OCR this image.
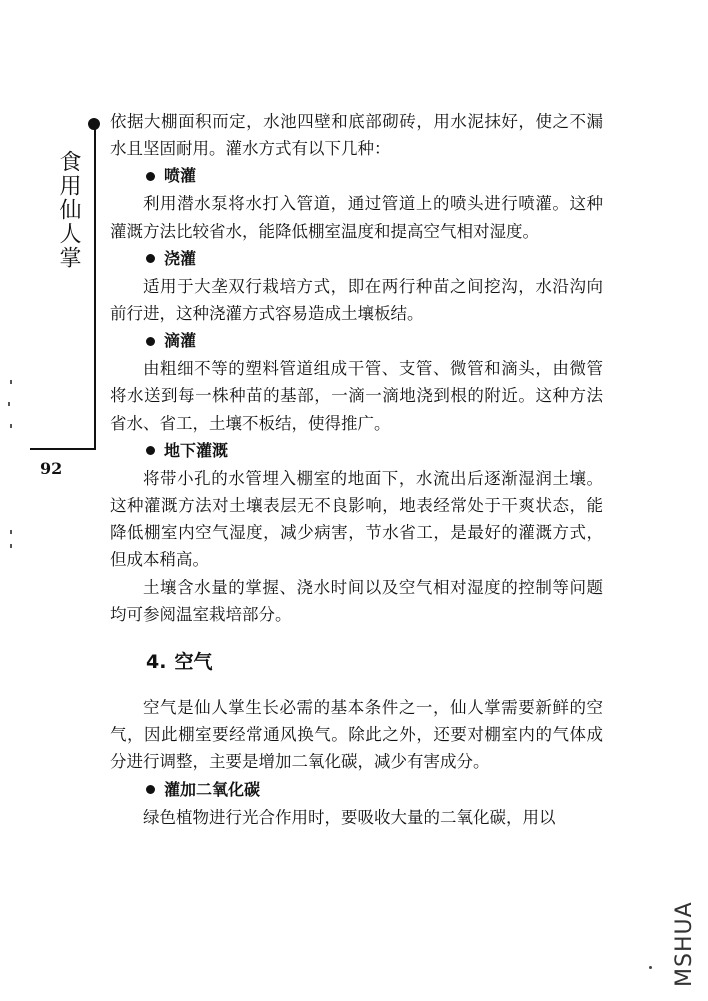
食用仙人掌
92

依据大棚面积而定，水池四壁和底部砌砖，用水泥抹好，使之不漏水且坚固耐用。灌水方式有以下几种：

喷灌

利用潜水泵将水打入管道，通过管道上的喷头进行喷灌。这种灌溉方法比较省水，能降低棚室温度和提高空气相对湿度。

浇灌

适用于大垄双行栽培方式，即在两行种苗之间挖沟，水沿沟向前行进，这种浇灌方式容易造成土壤板结。

滴灌

由粗细不等的塑料管道组成干管、支管、微管和滴头，由微管将水送到每一株种苗的基部，一滴一滴地浇到根的附近。这种方法省水、省工，土壤不板结，使得推广。

地下灌溉

将带小孔的水管埋入棚室的地面下，水流出后逐渐湿润土壤。这种灌溉方法对土壤表层无不良影响，地表经常处于干爽状态，能降低棚室内空气湿度，减少病害，节水省工，是最好的灌溉方式，但成本稍高。

土壤含水量的掌握、浇水时间以及空气相对湿度的控制等问题均可参阅温室栽培部分。

4. 空气

空气是仙人掌生长必需的基本条件之一，仙人掌需要新鲜的空气，因此棚室要经常通风换气。除此之外，还要对棚室内的气体成分进行调整，主要是增加二氧化碳，减少有害成分。

灌加二氧化碳

绿色植物进行光合作用时，要吸收大量的二氧化碳，用以

MSHUA
